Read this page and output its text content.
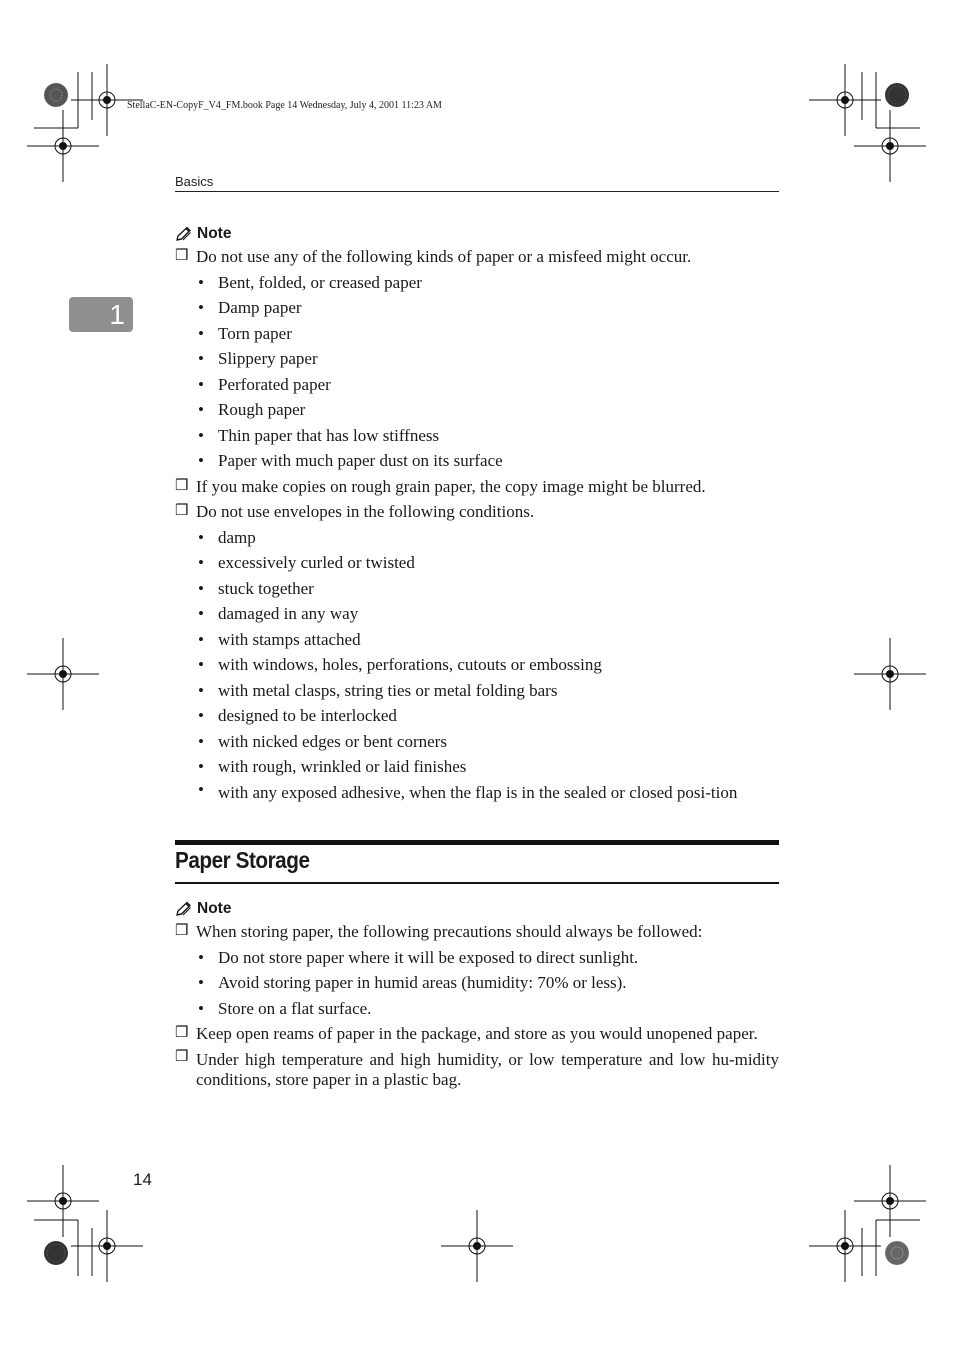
StellaC-EN-CopyF_V4_FM.book Page 14 Wednesday, July 4, 2001 11:23 AM
Basics
1
Note
❒ Do not use any of the following kinds of paper or a misfeed might occur.
• Bent, folded, or creased paper
• Damp paper
• Torn paper
• Slippery paper
• Perforated paper
• Rough paper
• Thin paper that has low stiffness
• Paper with much paper dust on its surface
❒ If you make copies on rough grain paper, the copy image might be blurred.
❒ Do not use envelopes in the following conditions.
• damp
• excessively curled or twisted
• stuck together
• damaged in any way
• with stamps attached
• with windows, holes, perforations, cutouts or embossing
• with metal clasps, string ties or metal folding bars
• designed to be interlocked
• with nicked edges or bent corners
• with rough, wrinkled or laid finishes
• with any exposed adhesive, when the flap is in the sealed or closed posi-tion
Paper Storage
Note
❒ When storing paper, the following precautions should always be followed:
• Do not store paper where it will be exposed to direct sunlight.
• Avoid storing paper in humid areas (humidity: 70% or less).
• Store on a flat surface.
❒ Keep open reams of paper in the package, and store as you would unopened paper.
❒ Under high temperature and high humidity, or low temperature and low hu-midity conditions, store paper in a plastic bag.
14
